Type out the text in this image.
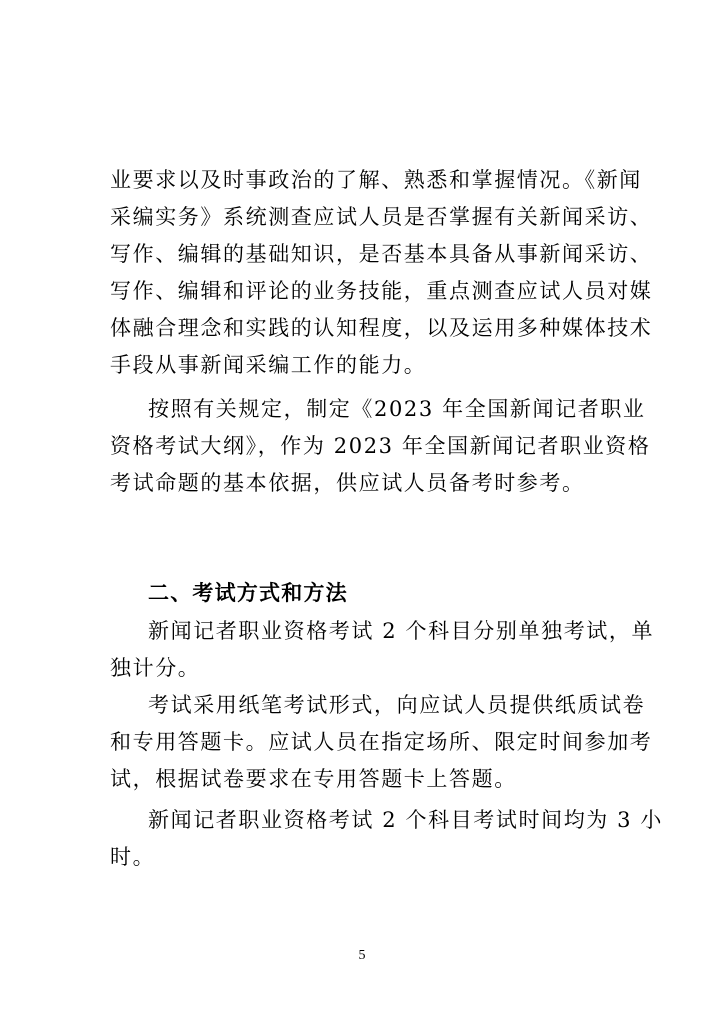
业要求以及时事政治的了解、熟悉和掌握情况。《新闻
采编实务》系统测查应试人员是否掌握有关新闻采访、
写作、编辑的基础知识，是否基本具备从事新闻采访、
写作、编辑和评论的业务技能，重点测查应试人员对媒
体融合理念和实践的认知程度，以及运用多种媒体技术
手段从事新闻采编工作的能力。
按照有关规定，制定《2023 年全国新闻记者职业
资格考试大纲》，作为 2023 年全国新闻记者职业资格
考试命题的基本依据，供应试人员备考时参考。
二、考试方式和方法
新闻记者职业资格考试 2 个科目分别单独考试，单
独计分。
考试采用纸笔考试形式，向应试人员提供纸质试卷
和专用答题卡。应试人员在指定场所、限定时间参加考
试，根据试卷要求在专用答题卡上答题。
新闻记者职业资格考试 2 个科目考试时间均为 3 小
时。
5
